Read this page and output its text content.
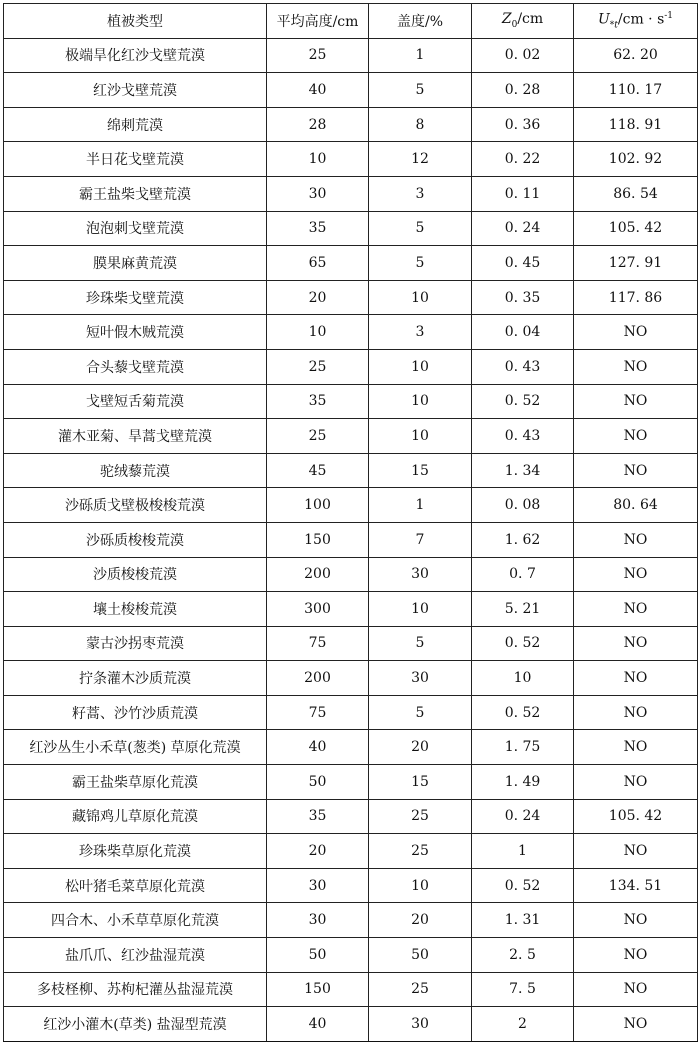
植被类型	平均高度/cm	盖度/%	$Z_0/cm$	$U_{*t}/cm \cdot s^{-1}$
极端旱化红沙戈壁荒漠	25	1	0. 02	62. 20
红沙戈壁荒漠	40	5	0. 28	110. 17
绵刺荒漠	28	8	0. 36	118. 91
半日花戈壁荒漠	10	12	0. 22	102. 92
霸王盐柴戈壁荒漠	30	3	0. 11	86. 54
泡泡刺戈壁荒漠	35	5	0. 24	105. 42
膜果麻黄荒漠	65	5	0. 45	127. 91
珍珠柴戈壁荒漠	20	10	0. 35	117. 86
短叶假木贼荒漠	10	3	0. 04	NO
合头藜戈壁荒漠	25	10	0. 43	NO
戈壁短舌菊荒漠	35	10	0. 52	NO
灌木亚菊、旱蒿戈壁荒漠	25	10	0. 43	NO
驼绒藜荒漠	45	15	1. 34	NO
沙砾质戈壁极梭梭荒漠	100	1	0. 08	80. 64
沙砾质梭梭荒漠	150	7	1. 62	NO
沙质梭梭荒漠	200	30	0. 7	NO
壤土梭梭荒漠	300	10	5. 21	NO
蒙古沙拐枣荒漠	75	5	0. 52	NO
拧条灌木沙质荒漠	200	30	10	NO
籽蒿、沙竹沙质荒漠	75	5	0. 52	NO
红沙丛生小禾草(葱类) 草原化荒漠	40	20	1. 75	NO
霸王盐柴草原化荒漠	50	15	1. 49	NO
藏锦鸡儿草原化荒漠	35	25	0. 24	105. 42
珍珠柴草原化荒漠	20	25	1	NO
松叶猪毛菜草原化荒漠	30	10	0. 52	134. 51
四合木、小禾草草原化荒漠	30	20	1. 31	NO
盐爪爪、红沙盐湿荒漠	50	50	2. 5	NO
多枝柽柳、苏枸杞灌丛盐湿荒漠	150	25	7. 5	NO
红沙小灌木(草类) 盐湿型荒漠	40	30	2	NO
